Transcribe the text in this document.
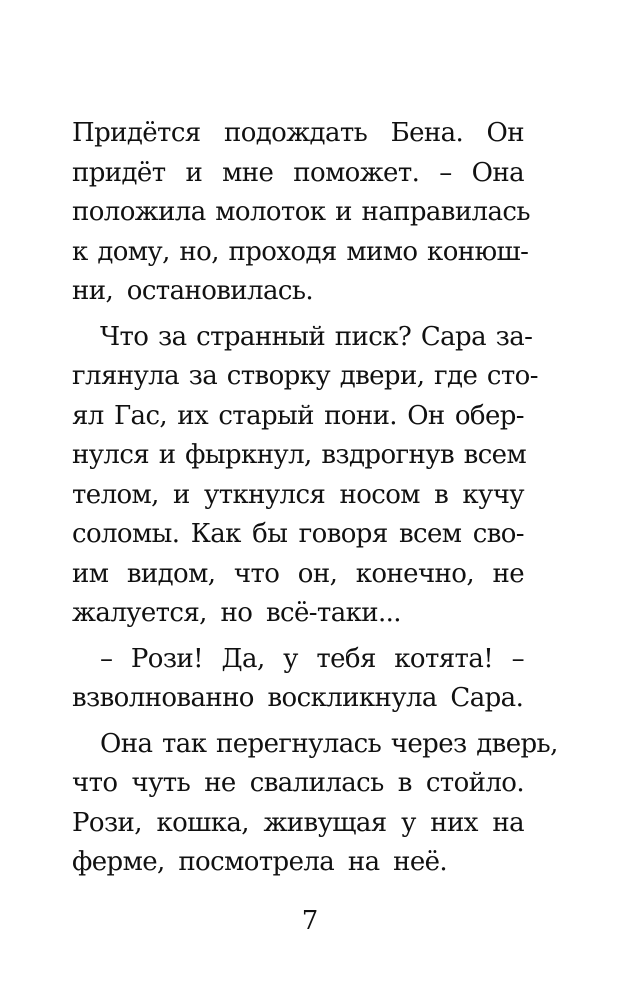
Придётся подождать Бена. Он
придёт и мне поможет. – Она
положила молоток и направилась
к дому, но, проходя мимо конюш-
ни, остановилась.
Что за странный писк? Сара за-
глянула за створку двери, где сто-
ял Гас, их старый пони. Он обер-
нулся и фыркнул, вздрогнув всем
телом, и уткнулся носом в кучу
соломы. Как бы говоря всем сво-
им видом, что он, конечно, не
жалуется, но всё-таки...
– Рози! Да, у тебя котята! –
взволнованно воскликнула Сара.
Она так перегнулась через дверь,
что чуть не свалилась в стойло.
Рози, кошка, живущая у них на
ферме, посмотрела на неё.
7
